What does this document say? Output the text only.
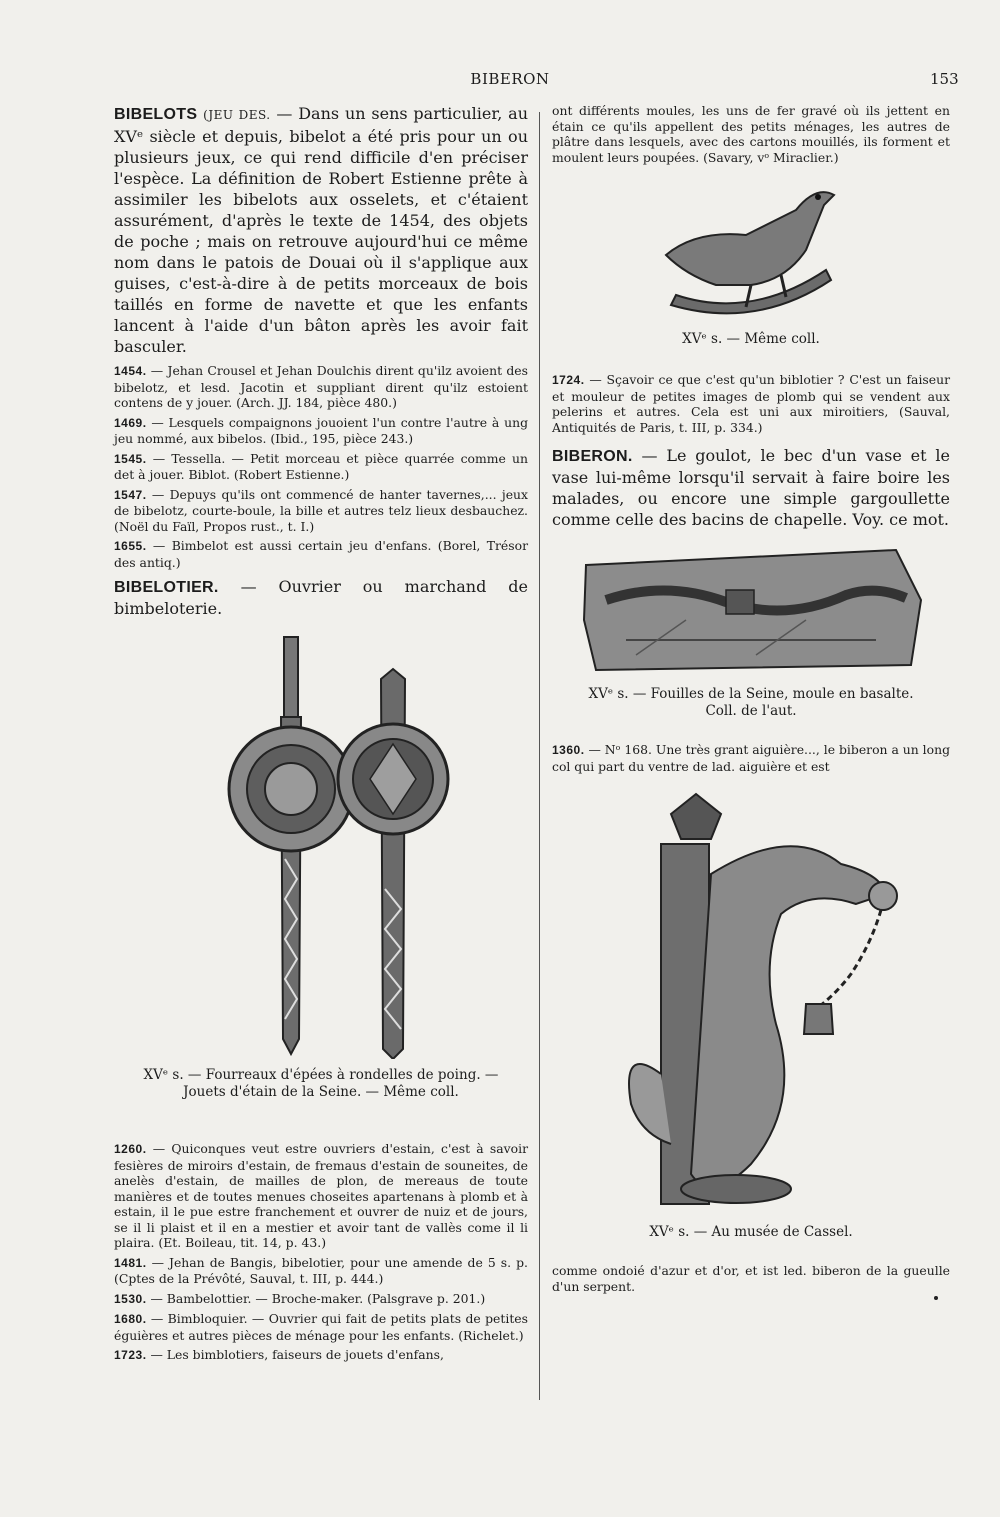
BIBERON	153

BIBELOTS (JEU DES. — Dans un sens particulier, au XVᵉ siècle et depuis, bibelot a été pris pour un ou plusieurs jeux, ce qui rend difficile d'en préciser l'espèce. La définition de Robert Estienne prête à assimiler les bibelots aux osselets, et c'étaient assurément, d'après le texte de 1454, des objets de poche ; mais on retrouve aujourd'hui ce même nom dans le patois de Douai où il s'applique aux guises, c'est-à-dire à de petits morceaux de bois taillés en forme de navette et que les enfants lancent à l'aide d'un bâton après les avoir fait basculer.

1454. — Jehan Crousel et Jehan Doulchis dirent qu'ilz avoient des bibelotz, et lesd. Jacotin et suppliant dirent qu'ilz estoient contens de y jouer. (Arch. JJ. 184, pièce 480.)

1469. — Lesquels compaignons jouoient l'un contre l'autre à ung jeu nommé, aux bibelos. (Ibid., 195, pièce 243.)

1545. — Tessella. — Petit morceau et pièce quarrée comme un det à jouer. Biblot. (Robert Estienne.)

1547. — Depuys qu'ils ont commencé de hanter tavernes,... jeux de bibelotz, courte-boule, la bille et autres telz lieux desbauchez. (Noël du Faïl, Propos rust., t. I.)

1655. — Bimbelot est aussi certain jeu d'enfans. (Borel, Trésor des antiq.)

BIBELOTIER. — Ouvrier ou marchand de bimbeloterie.

XVᵉ s. — Fourreaux d'épées à rondelles de poing. —
Jouets d'étain de la Seine. — Même coll.

1260. — Quiconques veut estre ouvriers d'estain, c'est à savoir fesières de miroirs d'estain, de fremaus d'estain de souneites, de anelès d'estain, de mailles de plon, de mereaus de toute manières et de toutes menues choseites apartenans à plomb et à estain, il le pue estre franchement et ouvrer de nuiz et de jours, se il li plaist et il en a mestier et avoir tant de vallès come il li plaira. (Et. Boileau, tit. 14, p. 43.)

1481. — Jehan de Bangis, bibelotier, pour une amende de 5 s. p. (Cptes de la Prévôté, Sauval, t. III, p. 444.)

1530. — Bambelottier. — Broche-maker. (Palsgrave p. 201.)

1680. — Bimbloquier. — Ouvrier qui fait de petits plats de petites éguières et autres pièces de ménage pour les enfants. (Richelet.)

1723. — Les bimblotiers, faiseurs de jouets d'enfans,

ont différents moules, les uns de fer gravé où ils jettent en étain ce qu'ils appellent des petits ménages, les autres de plâtre dans lesquels, avec des cartons mouillés, ils forment et moulent leurs poupées. (Savary, vᵒ Miraclier.)

XVᵉ s. — Même coll.

1724. — Sçavoir ce que c'est qu'un biblotier ? C'est un faiseur et mouleur de petites images de plomb qui se vendent aux pelerins et autres. Cela est uni aux miroitiers, (Sauval, Antiquités de Paris, t. III, p. 334.)

BIBERON. — Le goulot, le bec d'un vase et le vase lui-même lorsqu'il servait à faire boire les malades, ou encore une simple gargoullette comme celle des bacins de chapelle. Voy. ce mot.

XVᵉ s. — Fouilles de la Seine, moule en basalte.
Coll. de l'aut.

1360. — Nᵒ 168. Une très grant aiguière..., le biberon a un long col qui part du ventre de lad. aiguière et est

XVᵉ s. — Au musée de Cassel.

comme ondoié d'azur et d'or, et ist led. biberon de la gueulle d'un serpent.
